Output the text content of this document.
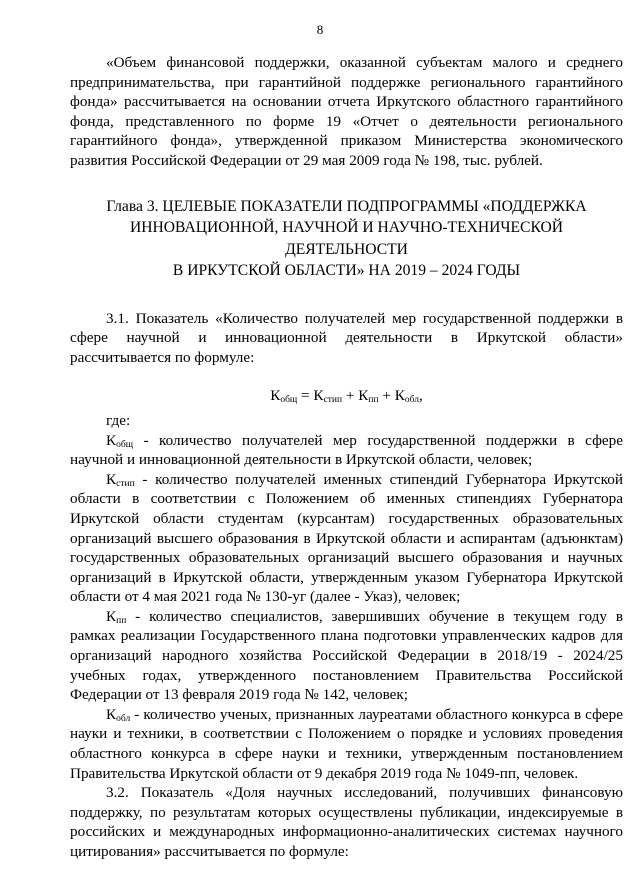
8

«Объем финансовой поддержки, оказанной субъектам малого и среднего предпринимательства, при гарантийной поддержке регионального гарантийного фонда» рассчитывается на основании отчета Иркутского областного гарантийного фонда, представленного по форме 19 «Отчет о деятельности регионального гарантийного фонда», утвержденной приказом Министерства экономического развития Российской Федерации от 29 мая 2009 года № 198, тыс. рублей.

Глава 3. ЦЕЛЕВЫЕ ПОКАЗАТЕЛИ ПОДПРОГРАММЫ «ПОДДЕРЖКА
ИННОВАЦИОННОЙ, НАУЧНОЙ И НАУЧНО-ТЕХНИЧЕСКОЙ ДЕЯТЕЛЬНОСТИ
В ИРКУТСКОЙ ОБЛАСТИ» НА 2019 – 2024 ГОДЫ

3.1. Показатель «Количество получателей мер государственной поддержки в сфере научной и инновационной деятельности в Иркутской области» рассчитывается по формуле:

$К_{общ} = К_{стип} + К_{пп} + К_{обл}$,

где:

$К_{общ}$ - количество получателей мер государственной поддержки в сфере научной и инновационной деятельности в Иркутской области, человек;

$К_{стип}$ - количество получателей именных стипендий Губернатора Иркутской области в соответствии с Положением об именных стипендиях Губернатора Иркутской области студентам (курсантам) государственных образовательных организаций высшего образования в Иркутской области и аспирантам (адъюнктам) государственных образовательных организаций высшего образования и научных организаций в Иркутской области, утвержденным указом Губернатора Иркутской области от 4 мая 2021 года № 130-уг (далее - Указ), человек;

$К_{пп}$ - количество специалистов, завершивших обучение в текущем году в рамках реализации Государственного плана подготовки управленческих кадров для организаций народного хозяйства Российской Федерации в 2018/19 - 2024/25 учебных годах, утвержденного постановлением Правительства Российской Федерации от 13 февраля 2019 года № 142, человек;

$К_{обл}$ - количество ученых, признанных лауреатами областного конкурса в сфере науки и техники, в соответствии с Положением о порядке и условиях проведения областного конкурса в сфере науки и техники, утвержденным постановлением Правительства Иркутской области от 9 декабря 2019 года № 1049-пп, человек.

3.2. Показатель «Доля научных исследований, получивших финансовую поддержку, по результатам которых осуществлены публикации, индексируемые в российских и международных информационно-аналитических системах научного цитирования» рассчитывается по формуле:
